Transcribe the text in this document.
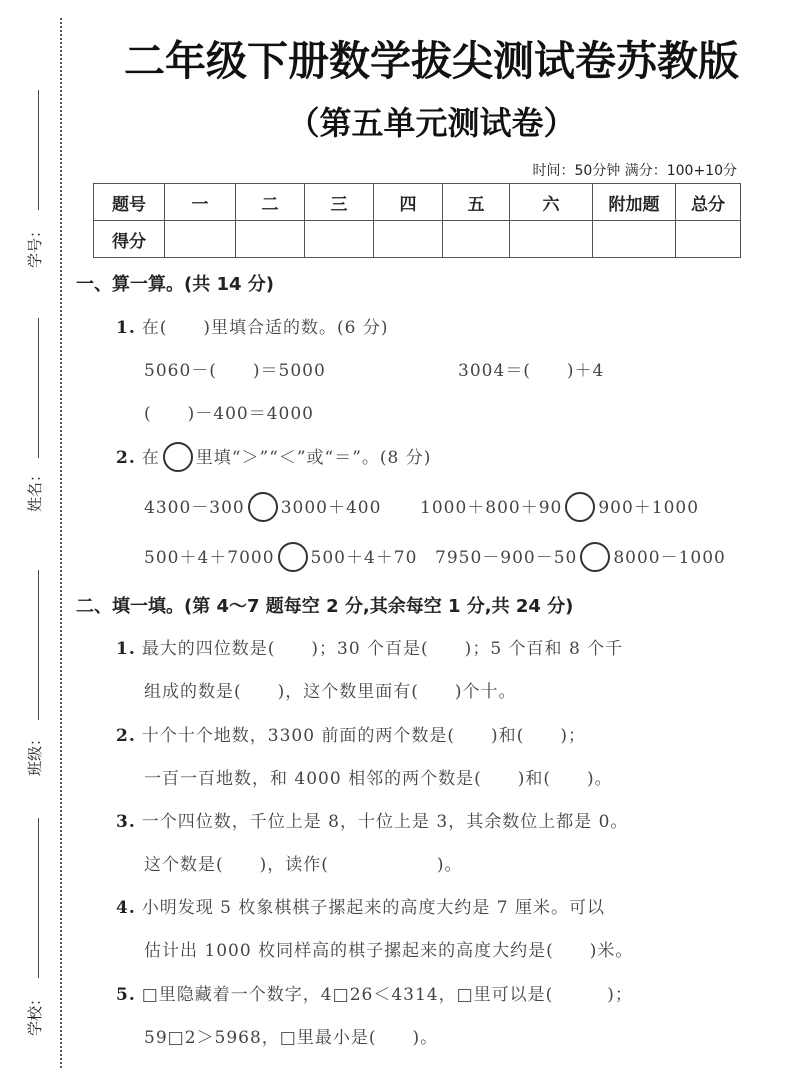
学号：
姓名：
班级：
学校：
二年级下册数学拔尖测试卷苏教版
（第五单元测试卷）
时间：50分钟 满分：100+10分
题号	一	二	三	四	五	六	附加题	总分
得分								
一、算一算。(共 14 分)
1. 在(　　)里填合适的数。(6 分)
5060－(　　)＝5000	3004＝(　　)＋4
(　　)－400＝4000
2. 在 里填“＞”“＜”或“＝”。(8 分)
4300－300 3000＋400 1000＋800＋90 900＋1000
500＋4＋7000 500＋4＋70 7950－900－50 8000－1000
二、填一填。(第 4～7 题每空 2 分,其余每空 1 分,共 24 分)
1. 最大的四位数是(　　)；30 个百是(　　)；5 个百和 8 个千
组成的数是(　　)，这个数里面有(　　)个十。
2. 十个十个地数，3300 前面的两个数是(　　)和(　　)；
一百一百地数，和 4000 相邻的两个数是(　　)和(　　)。
3. 一个四位数，千位上是 8，十位上是 3，其余数位上都是 0。
这个数是(　　)，读作(　　　　　　)。
4. 小明发现 5 枚象棋棋子摞起来的高度大约是 7 厘米。可以
估计出 1000 枚同样高的棋子摞起来的高度大约是(　　)米。
5. □里隐藏着一个数字，4□26＜4314，□里可以是(　　　)；
59□2＞5968，□里最小是(　　)。
